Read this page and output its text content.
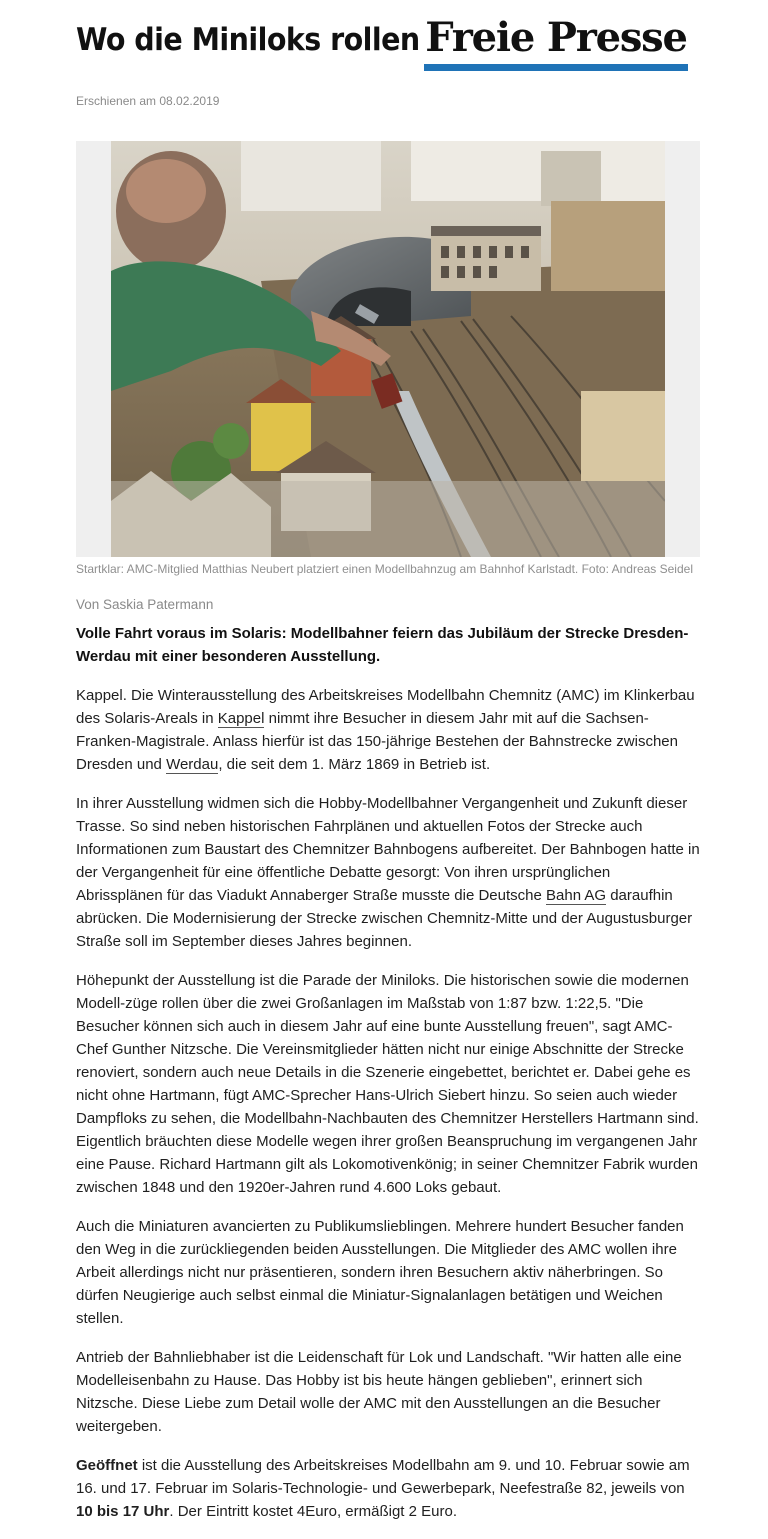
Wo die Miniloks rollen Freie Presse
Erschienen am 08.02.2019
Startklar: AMC-Mitglied Matthias Neubert platziert einen Modellbahnzug am Bahnhof Karlstadt. Foto: Andreas Seidel
Von Saskia Patermann

Volle Fahrt voraus im Solaris: Modellbahner feiern das Jubiläum der Strecke Dresden-Werdau mit einer besonderen Ausstellung.

Kappel. Die Winterausstellung des Arbeitskreises Modellbahn Chemnitz (AMC) im Klinkerbau des Solaris-Areals in Kappel nimmt ihre Besucher in diesem Jahr mit auf die Sachsen-Franken-Magistrale. Anlass hierfür ist das 150-jährige Bestehen der Bahnstrecke zwischen Dresden und Werdau, die seit dem 1. März 1869 in Betrieb ist.

In ihrer Ausstellung widmen sich die Hobby-Modellbahner Vergangenheit und Zukunft dieser Trasse. So sind neben historischen Fahrplänen und aktuellen Fotos der Strecke auch Informationen zum Baustart des Chemnitzer Bahnbogens aufbereitet. Der Bahnbogen hatte in der Vergangenheit für eine öffentliche Debatte gesorgt: Von ihren ursprünglichen Abrissplänen für das Viadukt Annaberger Straße musste die Deutsche Bahn AG daraufhin abrücken. Die Modernisierung der Strecke zwischen Chemnitz-Mitte und der Augustusburger Straße soll im September dieses Jahres beginnen.

Höhepunkt der Ausstellung ist die Parade der Miniloks. Die historischen sowie die modernen Modell-züge rollen über die zwei Großanlagen im Maßstab von 1:87 bzw. 1:22,5. "Die Besucher können sich auch in diesem Jahr auf eine bunte Ausstellung freuen", sagt AMC-Chef Gunther Nitzsche. Die Vereinsmitglieder hätten nicht nur einige Abschnitte der Strecke renoviert, sondern auch neue Details in die Szenerie eingebettet, berichtet er. Dabei gehe es nicht ohne Hartmann, fügt AMC-Sprecher Hans-Ulrich Siebert hinzu. So seien auch wieder Dampfloks zu sehen, die Modellbahn-Nachbauten des Chemnitzer Herstellers Hartmann sind. Eigentlich bräuchten diese Modelle wegen ihrer großen Beanspruchung im vergangenen Jahr eine Pause. Richard Hartmann gilt als Lokomotivenkönig; in seiner Chemnitzer Fabrik wurden zwischen 1848 und den 1920er-Jahren rund 4.600 Loks gebaut.

Auch die Miniaturen avancierten zu Publikumslieblingen. Mehrere hundert Besucher fanden den Weg in die zurückliegenden beiden Ausstellungen. Die Mitglieder des AMC wollen ihre Arbeit allerdings nicht nur präsentieren, sondern ihren Besuchern aktiv näherbringen. So dürfen Neugierige auch selbst einmal die Miniatur-Signalanlagen betätigen und Weichen stellen.

Antrieb der Bahnliebhaber ist die Leidenschaft für Lok und Landschaft. "Wir hatten alle eine Modelleisenbahn zu Hause. Das Hobby ist bis heute hängen geblieben", erinnert sich Nitzsche. Diese Liebe zum Detail wolle der AMC mit den Ausstellungen an die Besucher weitergeben.

Geöffnet ist die Ausstellung des Arbeitskreises Modellbahn am 9. und 10. Februar sowie am 16. und 17. Februar im Solaris-Technologie- und Gewerbepark, Neefestraße 82, jeweils von 10 bis 17 Uhr. Der Eintritt kostet 4Euro, ermäßigt 2 Euro.
